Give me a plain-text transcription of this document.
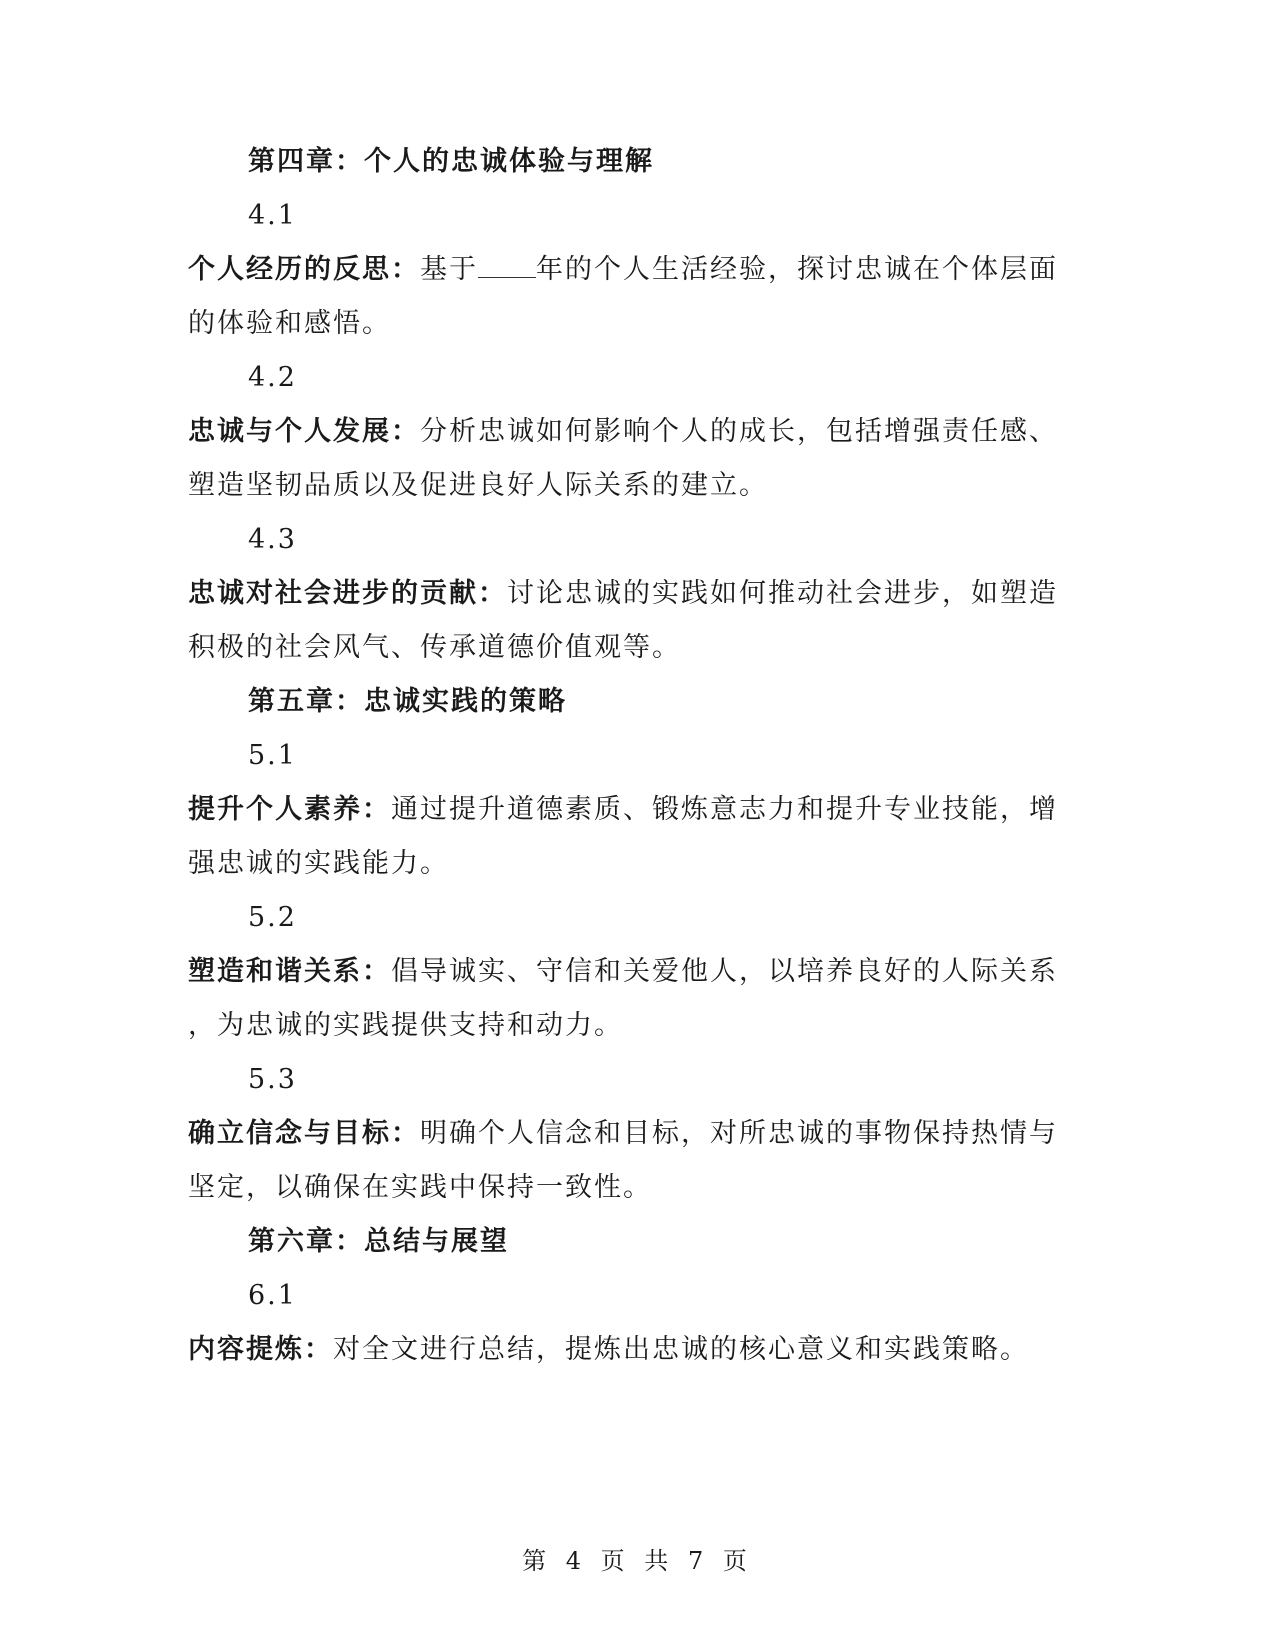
第四章：个人的忠诚体验与理解
4.1
个人经历的反思：基于 年的个人生活经验，探讨忠诚在个体层面
的体验和感悟。
4.2
忠诚与个人发展：分析忠诚如何影响个人的成长，包括增强责任感、
塑造坚韧品质以及促进良好人际关系的建立。
4.3
忠诚对社会进步的贡献：讨论忠诚的实践如何推动社会进步，如塑造
积极的社会风气、传承道德价值观等。
第五章：忠诚实践的策略
5.1
提升个人素养：通过提升道德素质、锻炼意志力和提升专业技能，增
强忠诚的实践能力。
5.2
塑造和谐关系：倡导诚实、守信和关爱他人，以培养良好的人际关系
，为忠诚的实践提供支持和动力。
5.3
确立信念与目标：明确个人信念和目标，对所忠诚的事物保持热情与
坚定，以确保在实践中保持一致性。
第六章：总结与展望
6.1
内容提炼：对全文进行总结，提炼出忠诚的核心意义和实践策略。
第 4 页 共 7 页
